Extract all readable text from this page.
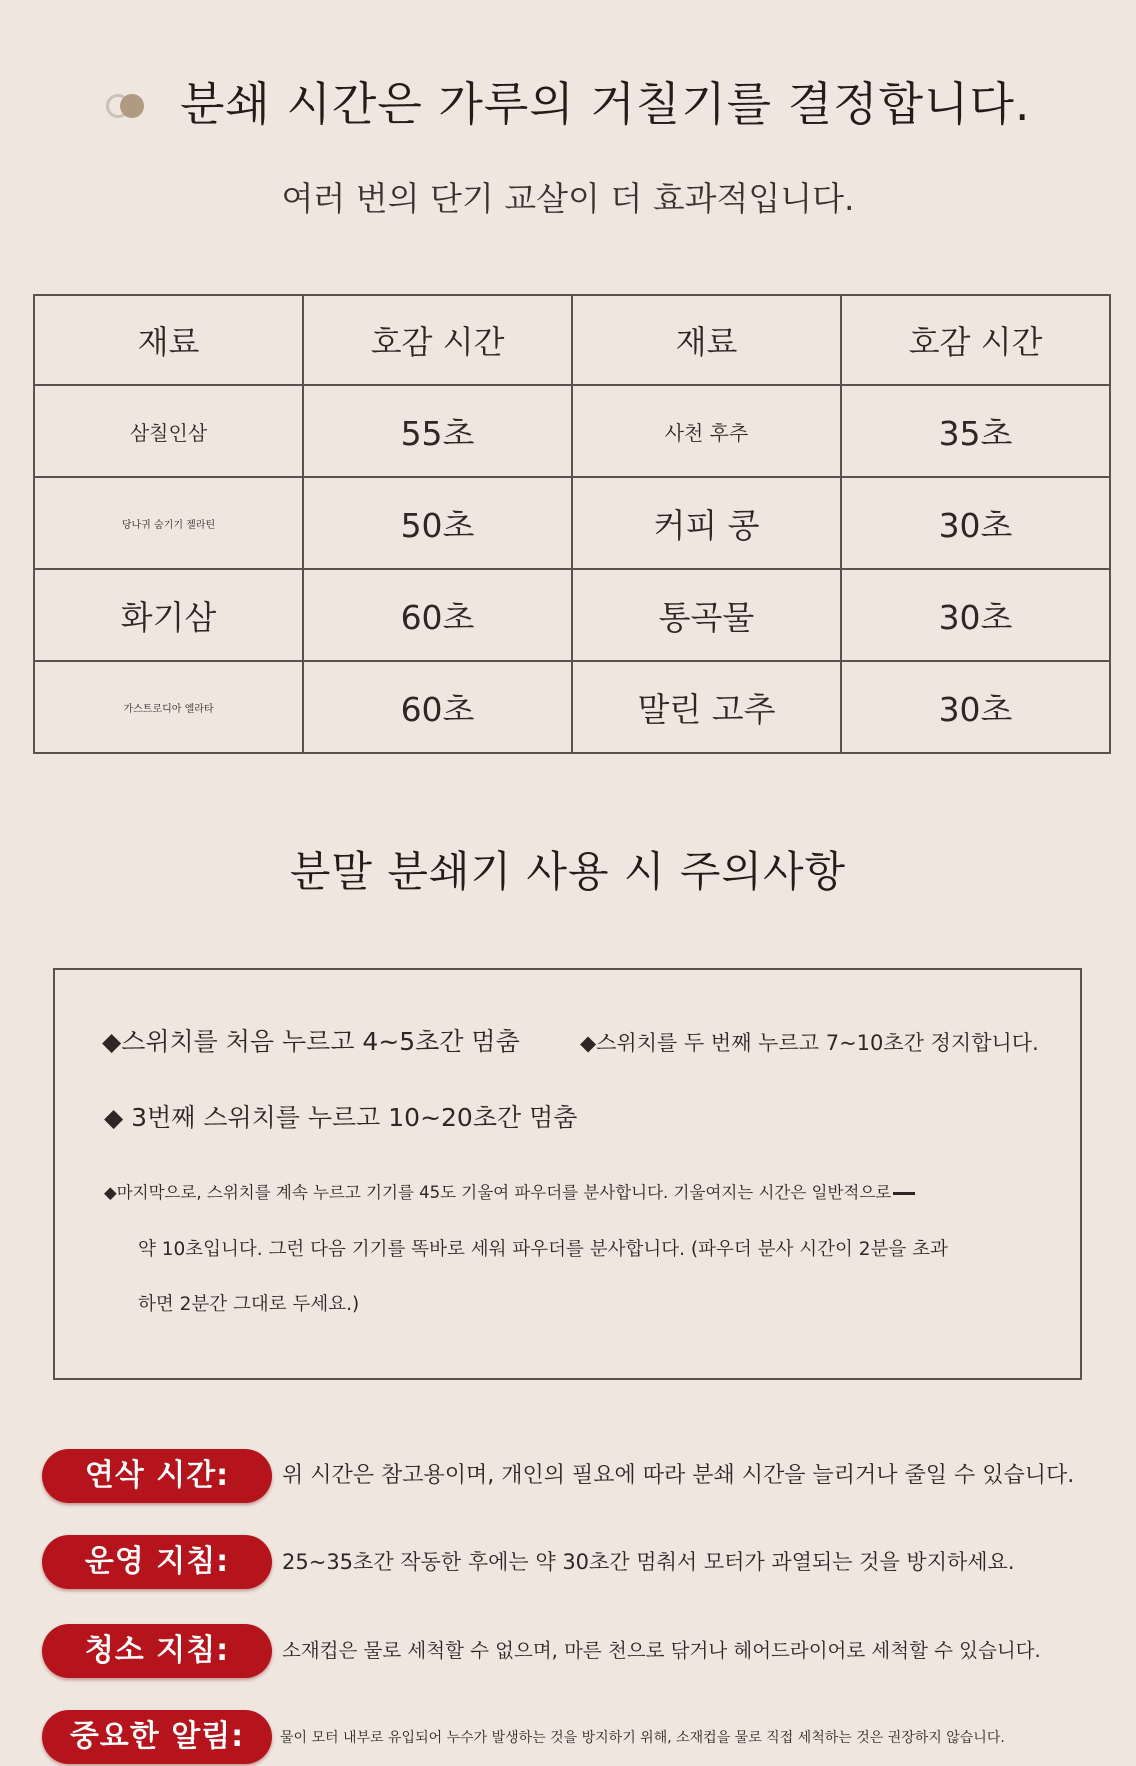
분쇄 시간은 가루의 거칠기를 결정합니다.
여러 번의 단기 교살이 더 효과적입니다.
재료	호감 시간	재료	호감 시간
삼칠인삼	55초	사천 후추	35초
당나귀 숨기기 젤라틴	50초	커피 콩	30초
화기삼	60초	통곡물	30초
가스트로디아 엘라타	60초	말린 고추	30초
분말 분쇄기 사용 시 주의사항
◆스위치를 처음 누르고 4~5초간 멈춤	◆스위치를 두 번째 누르고 7~10초간 정지합니다.
◆ 3번째 스위치를 누르고 10~20초간 멈춤
◆마지막으로, 스위치를 계속 누르고 기기를 45도 기울여 파우더를 분사합니다. 기울여지는 시간은 일반적으로
약 10초입니다. 그런 다음 기기를 똑바로 세워 파우더를 분사합니다. (파우더 분사 시간이 2분을 초과
하면 2분간 그대로 두세요.)
연삭 시간:	위 시간은 참고용이며, 개인의 필요에 따라 분쇄 시간을 늘리거나 줄일 수 있습니다.
운영 지침:	25~35초간 작동한 후에는 약 30초간 멈춰서 모터가 과열되는 것을 방지하세요.
청소 지침:	소재컵은 물로 세척할 수 없으며, 마른 천으로 닦거나 헤어드라이어로 세척할 수 있습니다.
중요한 알림:	물이 모터 내부로 유입되어 누수가 발생하는 것을 방지하기 위해, 소재컵을 물로 직접 세척하는 것은 권장하지 않습니다.
